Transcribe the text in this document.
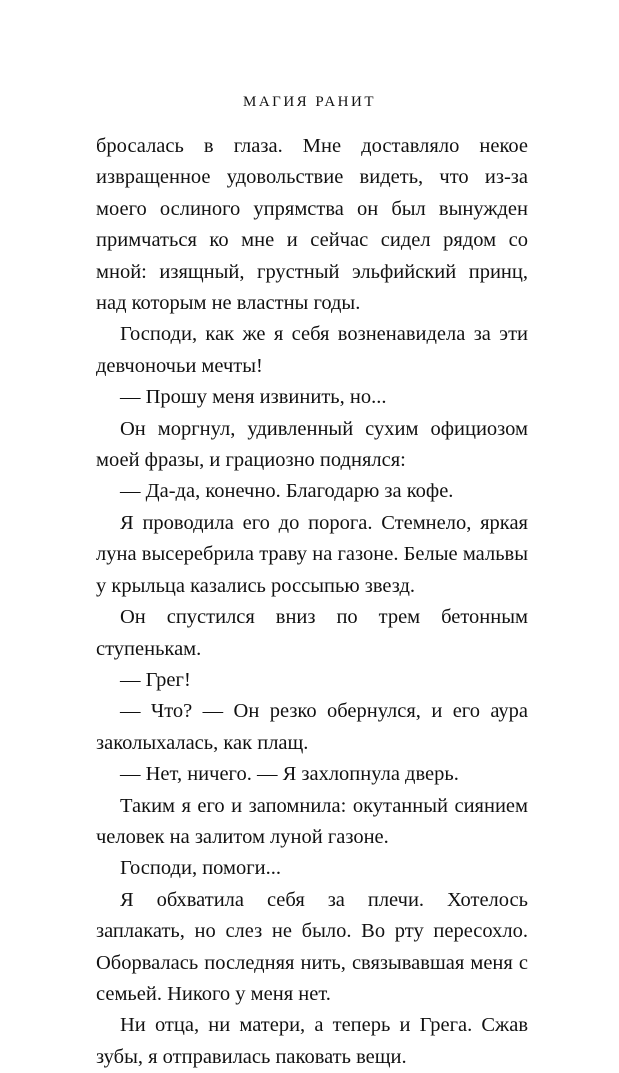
МАГИЯ РАНИТ

бросалась в глаза. Мне доставляло некое извращенное удовольствие видеть, что из-за моего ослиного упрямства он был вынужден примчаться ко мне и сейчас сидел рядом со мной: изящный, грустный эльфийский принц, над которым не властны годы.

Господи, как же я себя возненавидела за эти девчоночьи мечты!

— Прошу меня извинить, но...

Он моргнул, удивленный сухим официозом моей фразы, и грациозно поднялся:

— Да-да, конечно. Благодарю за кофе.

Я проводила его до порога. Стемнело, яркая луна высеребрила траву на газоне. Белые мальвы у крыльца казались россыпью звезд.

Он спустился вниз по трем бетонным ступенькам.

— Грег!

— Что? — Он резко обернулся, и его аура заколыхалась, как плащ.

— Нет, ничего. — Я захлопнула дверь.

Таким я его и запомнила: окутанный сиянием человек на залитом луной газоне.

Господи, помоги...

Я обхватила себя за плечи. Хотелось заплакать, но слез не было. Во рту пересохло. Оборвалась последняя нить, связывавшая меня с семьей. Никого у меня нет.

Ни отца, ни матери, а теперь и Грега. Сжав зубы, я отправилась паковать вещи.
